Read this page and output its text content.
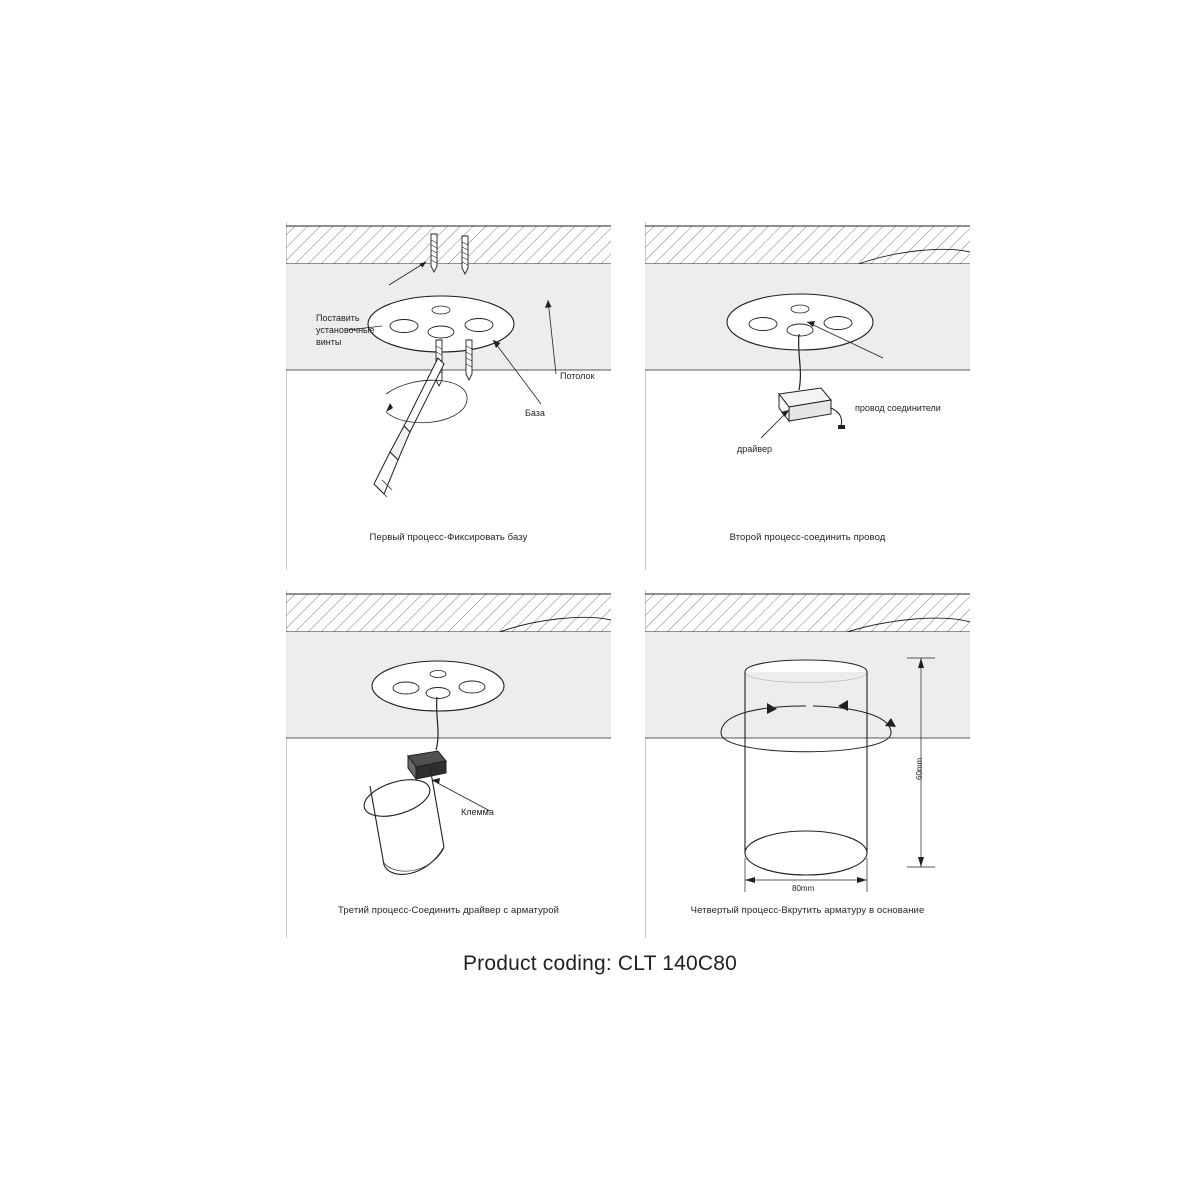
Поставить установочные винты
Потолок
База
Первый процесс-Фиксировать базу
провод соединители
драйвер
Второй процесс-соединить провод
Клемма
Третий процесс-Соединить драйвер с арматурой
60mm
80mm
Четвертый процесс-Вкрутить арматуру в основание
Product coding: CLT 140C80
